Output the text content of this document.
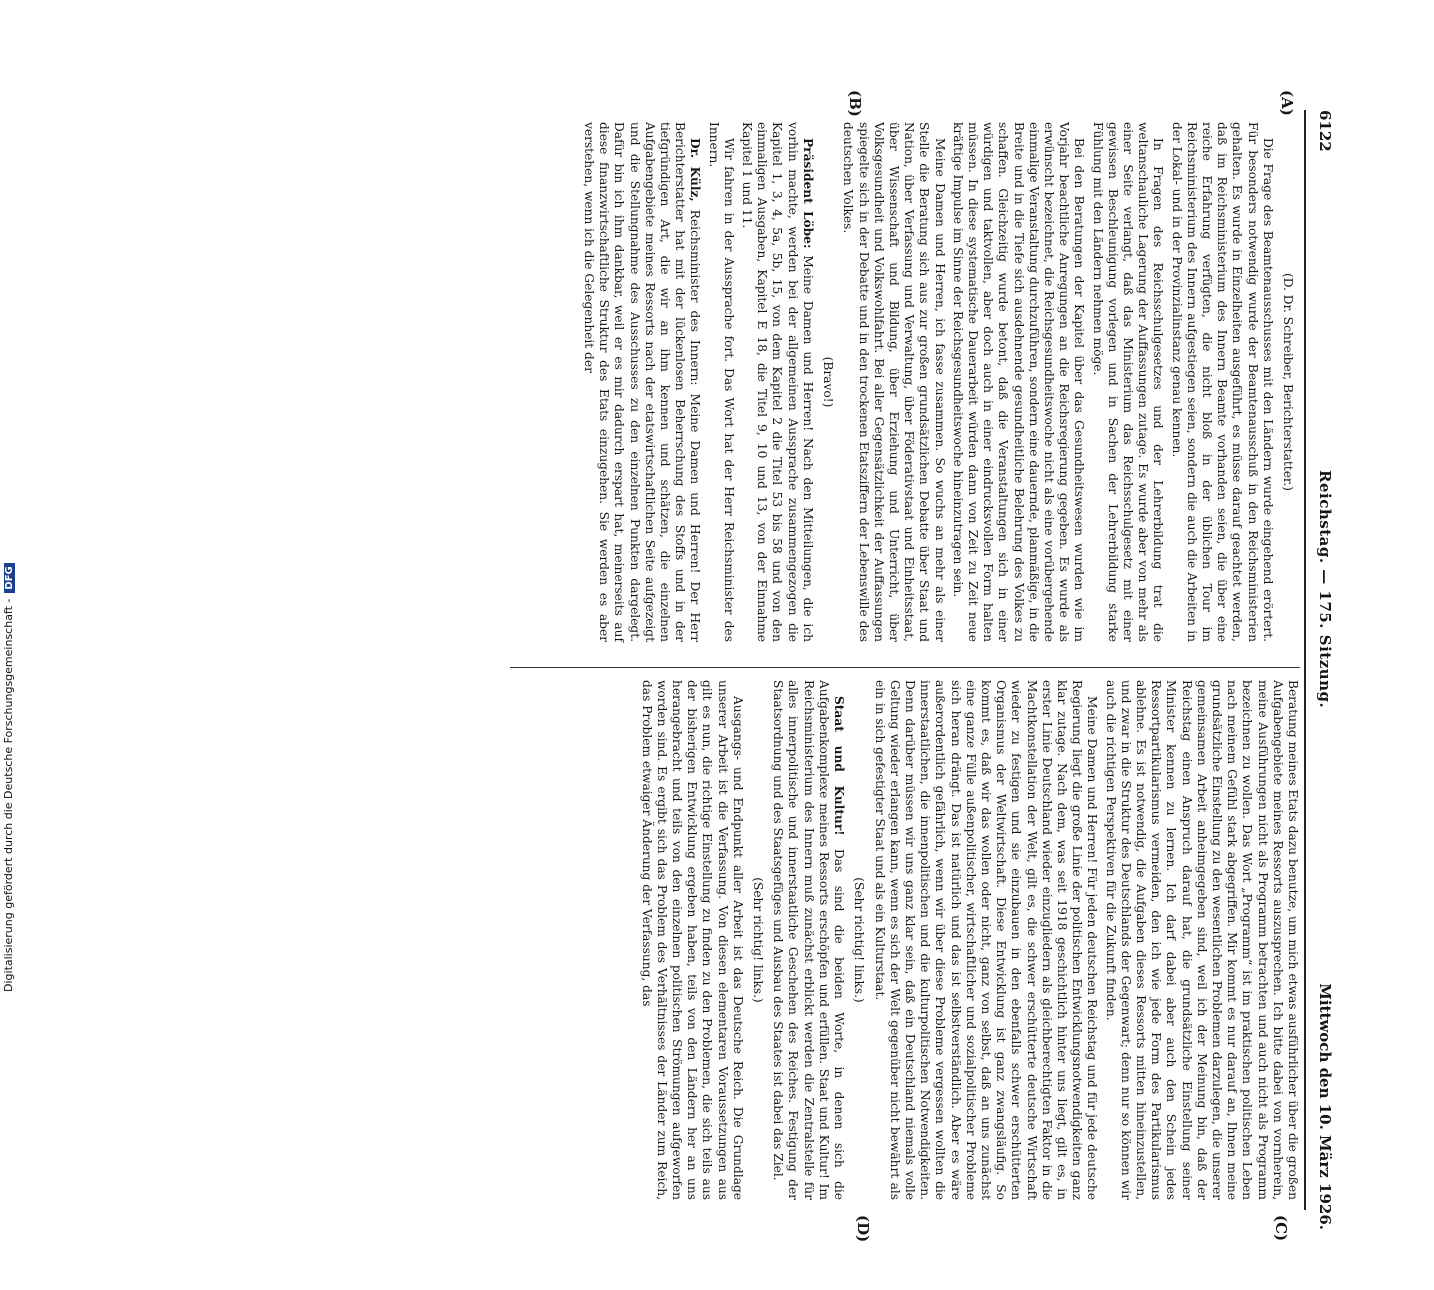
6122
Reichstag. — 175. Sitzung.
Mittwoch den 10. März 1926.
(A)
(B)
(C)
(D)

(D. Dr. Schreiber, Berichterstatter.)

Die Frage des Beamtenausschusses mit den Ländern wurde eingehend erörtert. Für besonders notwendig wurde der Beamtenausschuß in den Reichsministerien gehalten. Es wurde in Einzelheiten ausgeführt, es müsse darauf geachtet werden, daß im Reichsministerium des Innern Beamte vorhanden seien, die über eine reiche Erfahrung verfügten, die nicht bloß in der üblichen Tour im Reichsministerium des Innern aufgestiegen seien, sondern die auch die Arbeiten in der Lokal- und in der Provinzialinstanz genau kennen.

In Fragen des Reichsschulgesetzes und der Lehrerbildung trat die weltanschauliche Lagerung der Auffassungen zutage. Es wurde aber von mehr als einer Seite verlangt, daß das Ministerium das Reichsschulgesetz mit einer gewissen Beschleunigung vorlegen und in Sachen der Lehrerbildung starke Fühlung mit den Ländern nehmen möge.

Bei den Beratungen der Kapitel über das Gesundheitswesen wurden wie im Vorjahr beachtliche Anregungen an die Reichsregierung gegeben. Es wurde als erwünscht bezeichnet, die Reichsgesundheitswoche nicht als eine vorübergehende einmalige Veranstaltung durchzuführen, sondern eine dauernde, planmäßige, in die Breite und in die Tiefe sich ausdehnende gesundheitliche Belehrung des Volkes zu schaffen. Gleichzeitig wurde betont, daß die Veranstaltungen sich in einer würdigen und taktvollen, aber doch auch in einer eindrucksvollen Form halten müssen. In diese systematische Dauerarbeit würden dann von Zeit zu Zeit neue kräftige Impulse im Sinne der Reichsgesundheitswoche hineinzutragen sein.

Meine Damen und Herren, ich fasse zusammen. So wuchs an mehr als einer Stelle die Beratung sich aus zur großen grundsätzlichen Debatte über Staat und Nation, über Verfassung und Verwaltung, über Föderativstaat und Einheitsstaat, über Wissenschaft und Bildung, über Erziehung und Unterricht, über Volksgesundheit und Volkswohlfahrt. Bei aller Gegensätzlichkeit der Auffassungen spiegelte sich in der Debatte und in den trockenen Etatsziffern der Lebenswille des deutschen Volkes.

(Bravo!)

Präsident Löbe: Meine Damen und Herren! Nach den Mitteilungen, die ich vorhin machte, werden bei der allgemeinen Aussprache zusammengezogen die Kapitel 1, 3, 4, 5a, 5b, 15, von dem Kapitel 2 die Titel 53 bis 58 und von den einmaligen Ausgaben, Kapitel E 18, die Titel 9, 10 und 13, von der Einnahme Kapitel 1 und 11.

Wir fahren in der Aussprache fort. Das Wort hat der Herr Reichsminister des Innern.

Dr. Külz, Reichsminister des Innern: Meine Damen und Herren! Der Herr Berichterstatter hat mit der lückenlosen Beherrschung des Stoffs und in der tiefgründigen Art, die wir an ihm kennen und schätzen, die einzelnen Aufgabengebiete meines Ressorts nach der etatswirtschaftlichen Seite aufgezeigt und die Stellungnahme des Ausschusses zu den einzelnen Punkten dargelegt. Dafür bin ich ihm dankbar, weil er es mir dadurch erspart hat, meinerseits auf diese finanzwirtschaftliche Struktur des Etats einzugehen. Sie werden es aber verstehen, wenn ich die Gelegenheit der

Beratung meines Etats dazu benutze, um mich etwas ausführlicher über die großen Aufgabengebiete meines Ressorts auszusprechen. Ich bitte dabei von vornherein, meine Ausführungen nicht als Programm betrachten und auch nicht als Programm bezeichnen zu wollen. Das Wort „Programm“ ist im praktischen politischen Leben nach meinem Gefühl stark abgegriffen. Mir kommt es nur darauf an, Ihnen meine grundsätzliche Einstellung zu den wesentlichen Problemen darzulegen, die unserer gemeinsamen Arbeit anheimgegeben sind, weil ich der Meinung bin, daß der Reichstag einen Anspruch darauf hat, die grundsätzliche Einstellung seiner Minister kennen zu lernen. Ich darf dabei aber auch den Schein jedes Ressortpartikularismus vermeiden, den ich wie jede Form des Partikularismus ablehne. Es ist notwendig, die Aufgaben dieses Ressorts mitten hineinzustellen, und zwar in die Struktur des Deutschlands der Gegenwart; denn nur so können wir auch die richtigen Perspektiven für die Zukunft finden.

Meine Damen und Herren! Für jeden deutschen Reichstag und für jede deutsche Regierung liegt die große Linie der politischen Entwicklungsnotwendigkeiten ganz klar zutage. Nach dem, was seit 1918 geschichtlich hinter uns liegt, gilt es, in erster Linie Deutschland wieder einzugliedern als gleichberechtigten Faktor in die Machtkonstellation der Welt, gilt es, die schwer erschütterte deutsche Wirtschaft wieder zu festigen und sie einzubauen in den ebenfalls schwer erschütterten Organismus der Weltwirtschaft. Diese Entwicklung ist ganz zwangsläufig. So kommt es, daß wir das wollen oder nicht, ganz von selbst, daß an uns zunächst eine ganze Fülle außenpolitischer, wirtschaftlicher und sozialpolitischer Probleme sich heran drängt. Das ist natürlich und das ist selbstverständlich. Aber es wäre außerordentlich gefährlich, wenn wir über diese Probleme vergessen wollten die innerstaatlichen, die innenpolitischen und die kulturpolitischen Notwendigkeiten. Denn darüber müssen wir uns ganz klar sein, daß ein Deutschland niemals volle Geltung wieder erlangen kann, wenn es sich der Welt gegenüber nicht bewährt als ein in sich gefestigter Staat und als ein Kulturstaat.

(Sehr richtig! links.)

Staat und Kultur! Das sind die beiden Worte, in denen sich die Aufgabenkomplexe meines Ressorts erschöpfen und erfüllen. Staat und Kultur! Im Reichsministerium des Innern muß zunächst erblickt werden die Zentralstelle für alles innerpolitische und innerstaatliche Geschehen des Reiches. Festigung der Staatsordnung und des Staatsgefüges und Ausbau des Staates ist dabei das Ziel.

(Sehr richtig! links.)

Ausgangs- und Endpunkt aller Arbeit ist das Deutsche Reich. Die Grundlage unserer Arbeit ist die Verfassung. Von diesen elementaren Voraussetzungen aus gilt es nun, die richtige Einstellung zu finden zu den Problemen, die sich teils aus der bisherigen Entwicklung ergeben haben, teils von den Ländern her an uns herangebracht und teils von den einzelnen politischen Strömungen aufgeworfen worden sind. Es ergibt sich das Problem des Verhältnisses der Länder zum Reich, das Problem etwaiger Änderung der Verfassung, das

Digitalisierung gefördert durch die Deutsche Forschungsgemeinschaft -DFG
